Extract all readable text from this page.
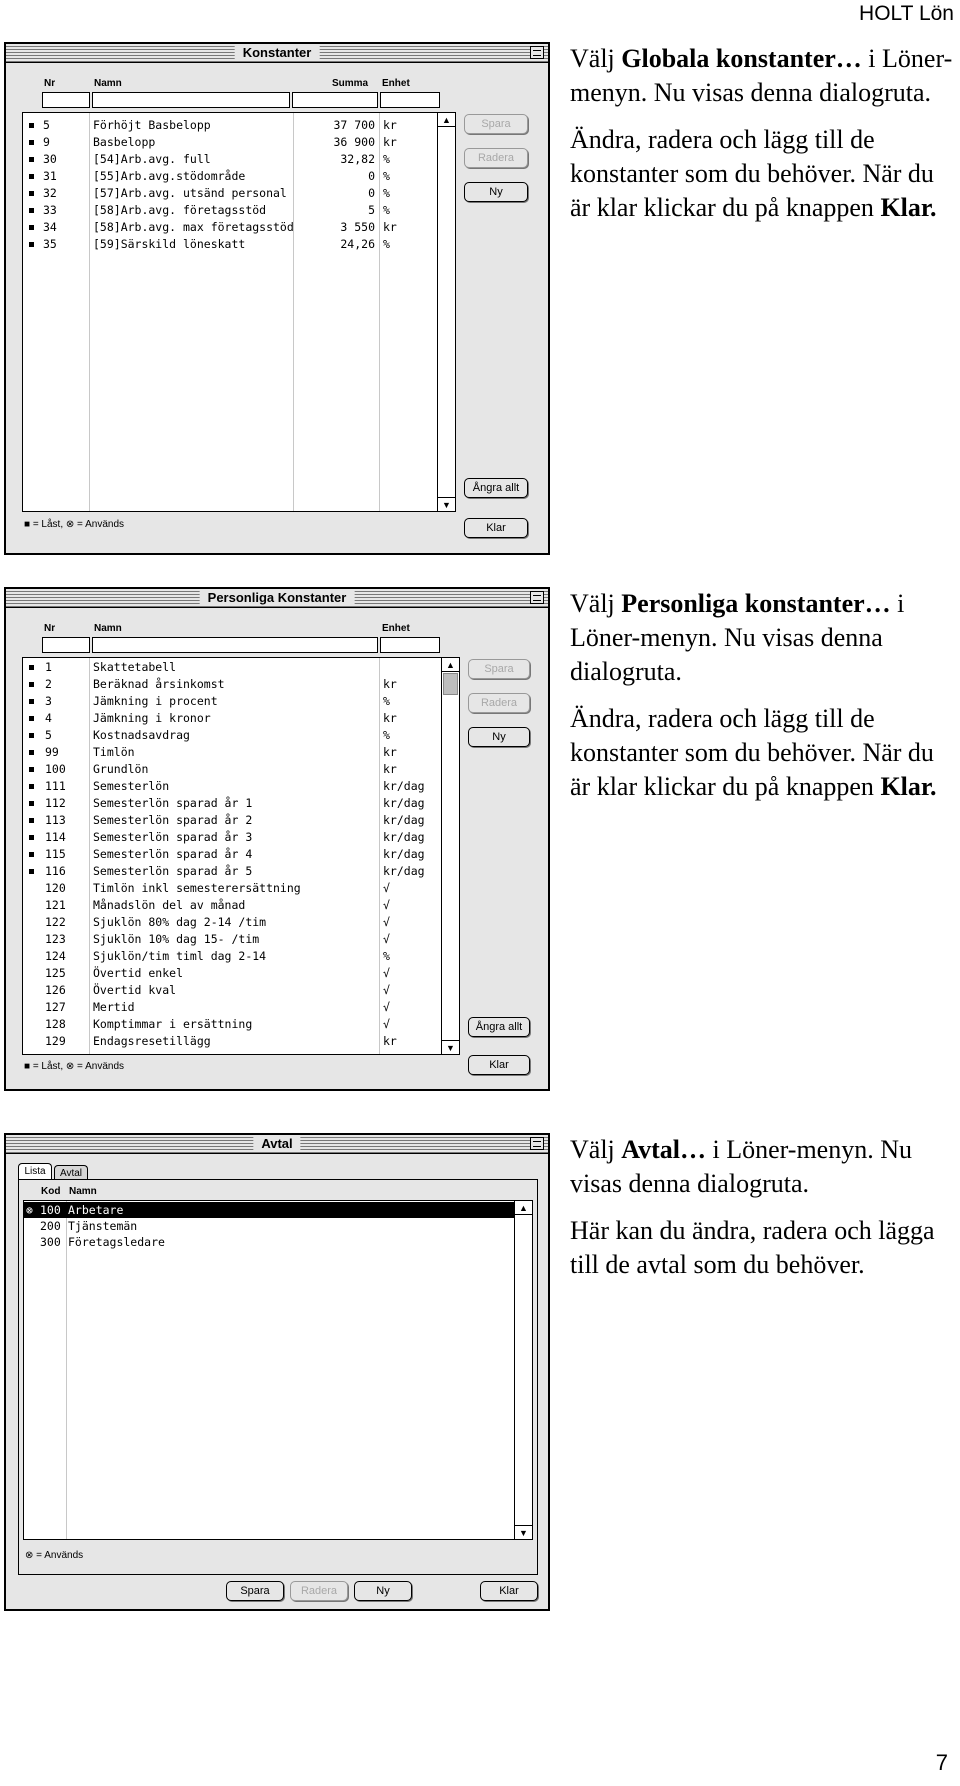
HOLT Lön
Konstanter
Nr	Namn	Summa Enhet
5	Förhöjt Basbelopp	37 700 kr
9	Basbelopp	36 900 kr
30	[54]Arb.avg. full	32,82 %
31	[55]Arb.avg.stödområde	0 %
32	[57]Arb.avg. utsänd personal	0 %
33	[58]Arb.avg. företagsstöd	5 %
34	[58]Arb.avg. max företagsstöd	3 550 kr
35	[59]Särskild löneskatt	24,26 %
▲
▼
Spara
Radera
Ny
Ångra allt
Klar
■ = Låst, ⊗ = Används

Välj Globala konstanter… i Löner-menyn. Nu visas denna dialogruta.

Ändra, radera och lägg till de konstanter som du behöver. När du är klar klickar du på knappen Klar.

Personliga Konstanter
Nr	Namn	Enhet
1	Skattetabell
2	Beräknad årsinkomst	kr
3	Jämkning i procent	%
4	Jämkning i kronor	kr
5	Kostnadsavdrag	%
99	Timlön	kr
100 Grundlön	kr
111 Semesterlön	kr/dag
112 Semesterlön sparad år 1	kr/dag
113 Semesterlön sparad år 2	kr/dag
114 Semesterlön sparad år 3	kr/dag
115 Semesterlön sparad år 4	kr/dag
116 Semesterlön sparad år 5	kr/dag
120 Timlön inkl semesterersättning	√
121 Månadslön del av månad	√
122 Sjuklön 80% dag 2-14 /tim	√
123 Sjuklön 10% dag 15- /tim	√
124 Sjuklön/tim timl dag 2-14	%
125 Övertid enkel	√
126 Övertid kval	√
127 Mertid	√
128 Komptimmar i ersättning	√
129 Endagsresetillägg	kr
▲
▼
Spara
Radera
Ny
Ångra allt
Klar
■ = Låst, ⊗ = Används

Välj Personliga konstanter… i Löner-menyn. Nu visas denna dialogruta.

Ändra, radera och lägg till de konstanter som du behöver. När du är klar klickar du på knappen Klar.

Avtal
Lista	Avtal
Kod Namn
⊗ 100 Arbetare
200 Tjänstemän
300 Företagsledare
▲
▼
⊗ = Används
Spara	Radera	Ny	Klar

Välj Avtal… i Löner-menyn. Nu visas denna dialogruta.

Här kan du ändra, radera och lägga till de avtal som du behöver.

7
